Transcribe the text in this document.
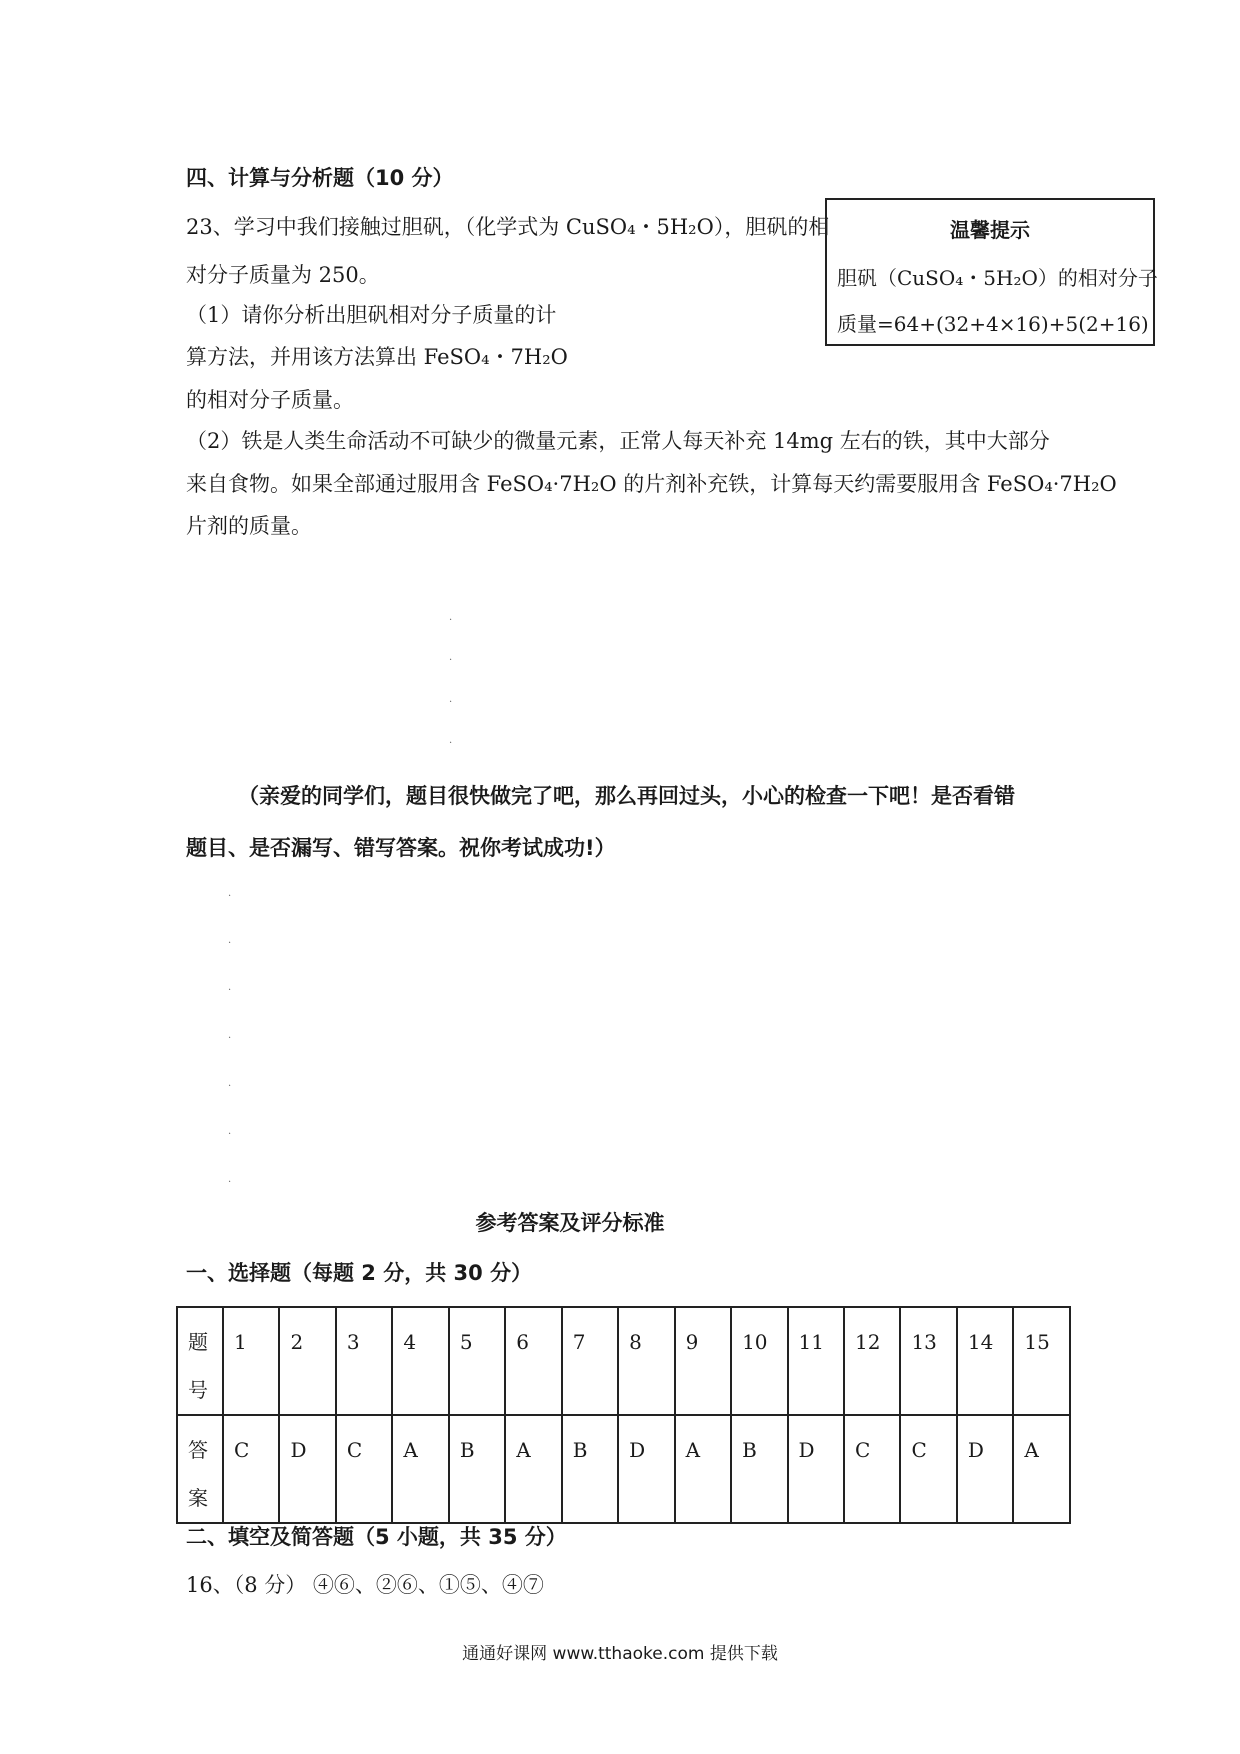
四、计算与分析题（10 分）
23、学习中我们接触过胆矾，（化学式为 CuSO₄・5H₂O），胆矾的相
对分子质量为 250。
（1）请你分析出胆矾相对分子质量的计
算方法，并用该方法算出 FeSO₄・7H₂O
的相对分子质量。
（2）铁是人类生命活动不可缺少的微量元素，正常人每天补充 14mg 左右的铁，其中大部分
来自食物。如果全部通过服用含 FeSO₄·7H₂O 的片剂补充铁，计算每天约需要服用含 FeSO₄·7H₂O
片剂的质量。
温馨提示
胆矾（CuSO₄・5H₂O）的相对分子
质量=64+(32+4×16)+5(2+16)
.
.
.
.
（亲爱的同学们，题目很快做完了吧，那么再回过头，小心的检查一下吧！是否看错
题目、是否漏写、错写答案。祝你考试成功!）
.
.
.
.
.
.
.
参考答案及评分标准
一、选择题（每题 2 分，共 30 分）
题号	1	2	3	4	5	6	7	8	9	10	11	12	13	14	15
答案	C	D	C	A	B	A	B	D	A	B	D	C	C	D	A
二、填空及简答题（5 小题，共 35 分）
16、（8 分） ④⑥、②⑥、①⑤、④⑦
通通好课网 www.tthaoke.com 提供下载
